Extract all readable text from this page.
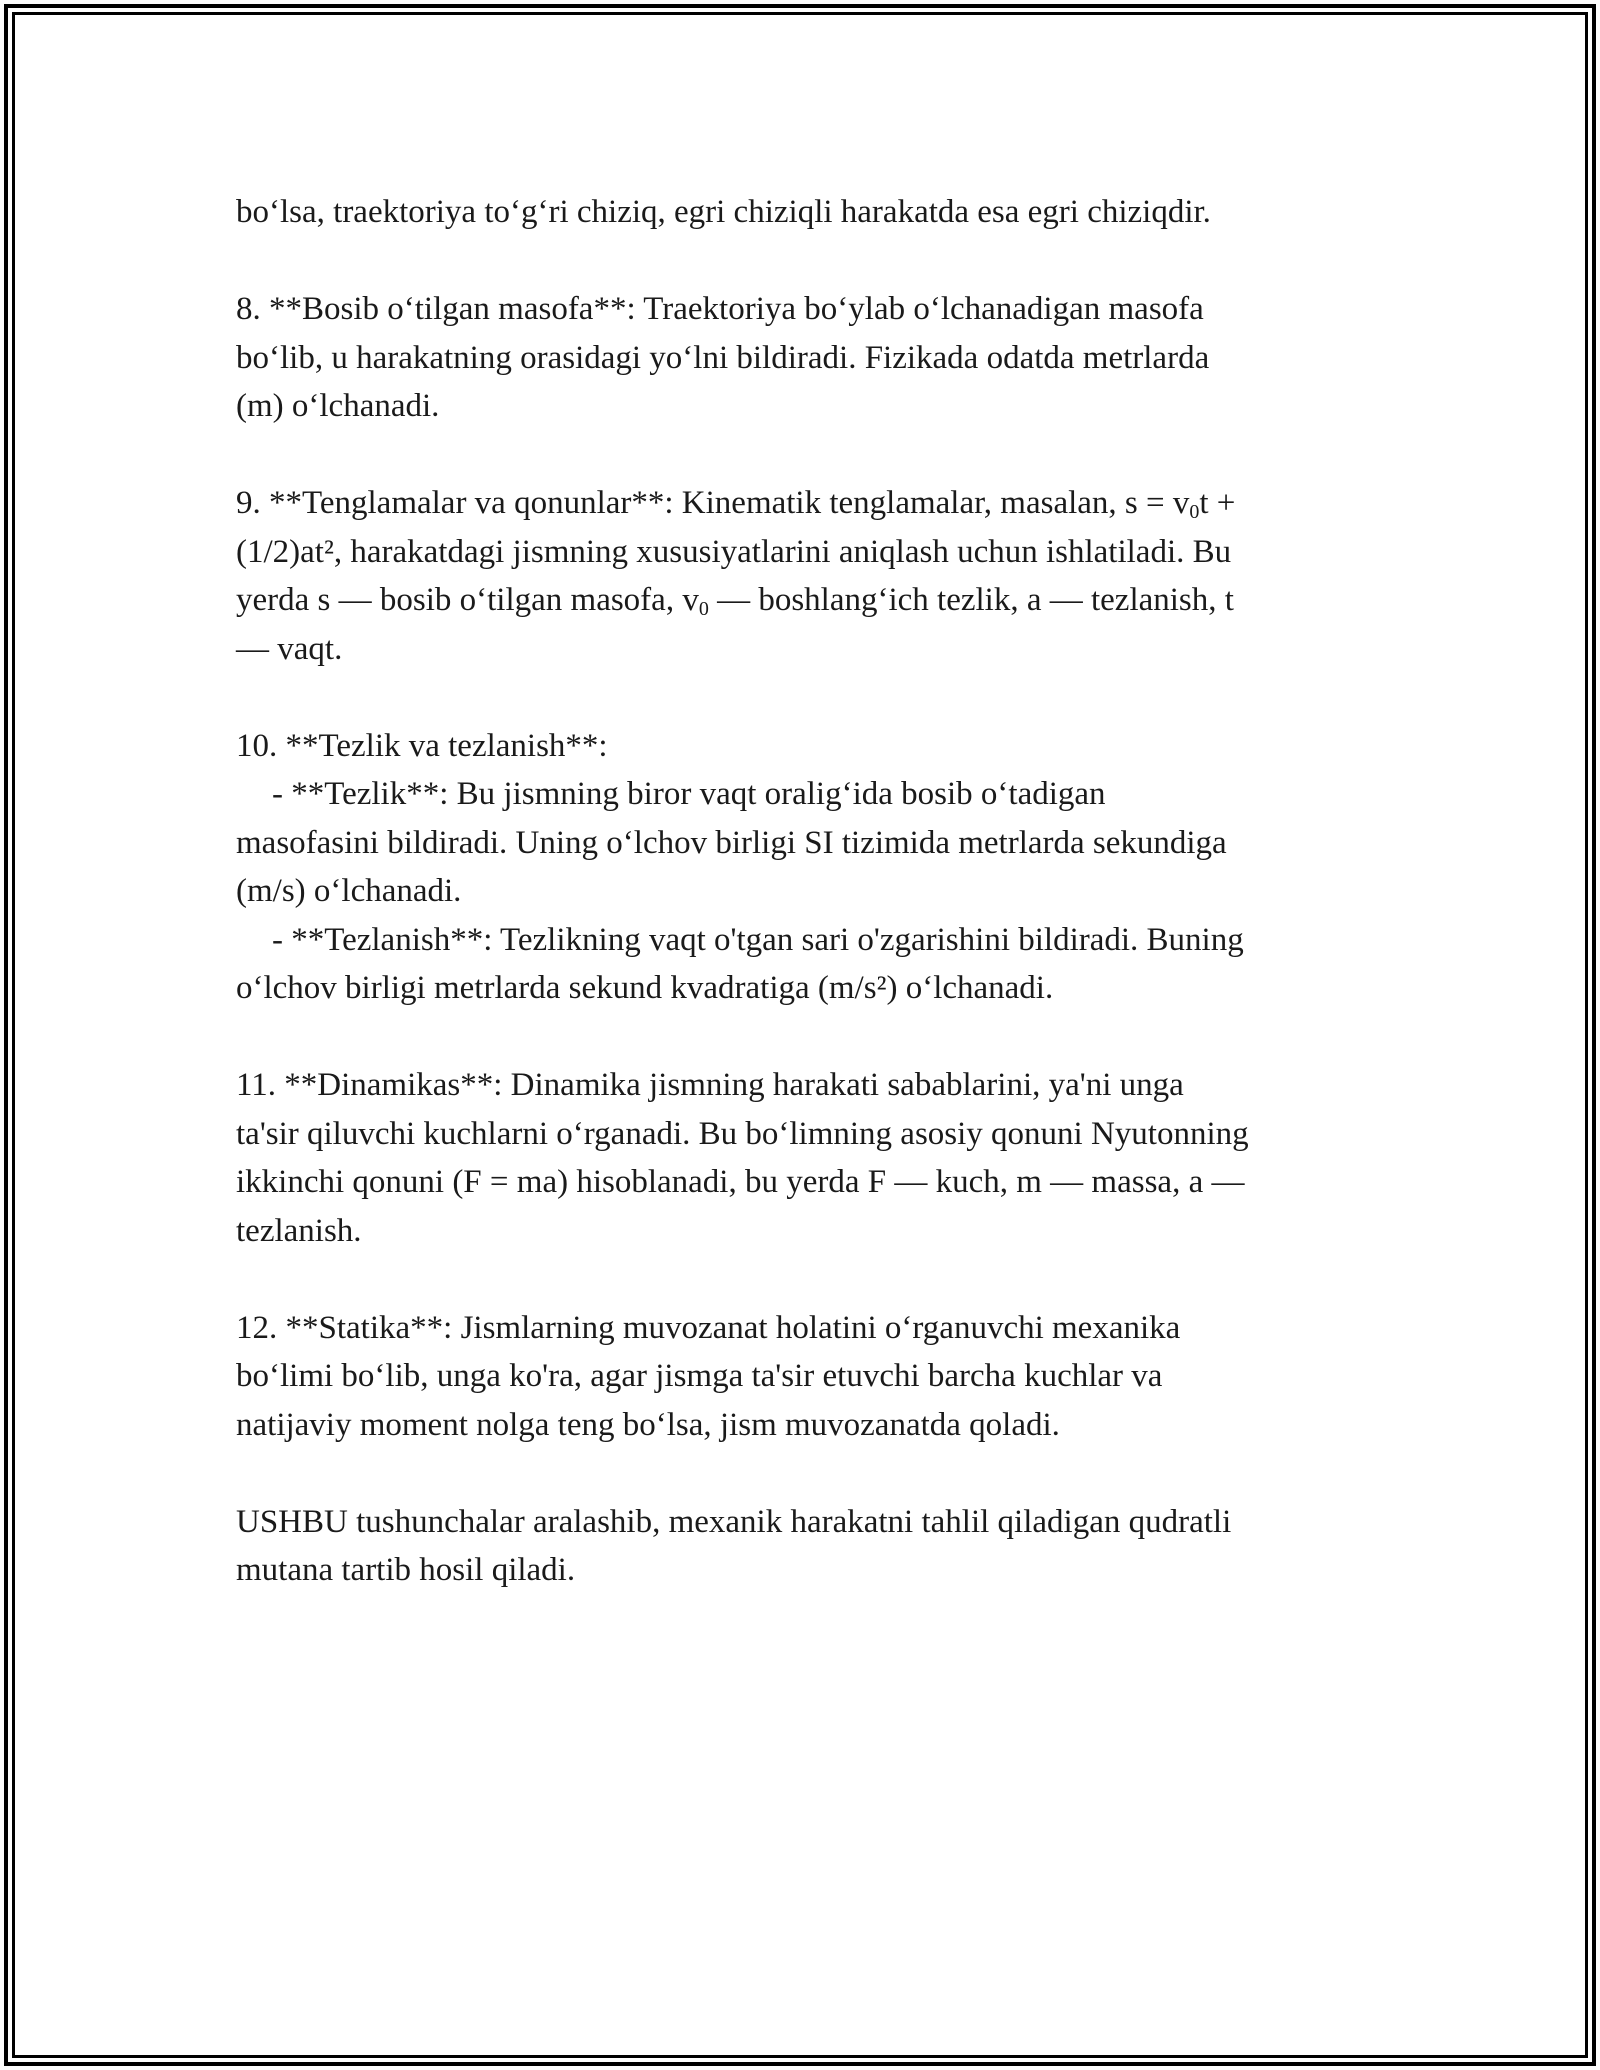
bo‘lsa, traektoriya to‘g‘ri chiziq, egri chiziqli harakatda esa egri chiziqdir.

8. **Bosib o‘tilgan masofa**: Traektoriya bo‘ylab o‘lchanadigan masofa
bo‘lib, u harakatning orasidagi yo‘lni bildiradi. Fizikada odatda metrlarda
(m) o‘lchanadi.

9. **Tenglamalar va qonunlar**: Kinematik tenglamalar, masalan, $s = v_0t$ +
(1/2)at², harakatdagi jismning xususiyatlarini aniqlash uchun ishlatiladi. Bu
yerda s — bosib o‘tilgan masofa, $v_0$ — boshlang‘ich tezlik, a — tezlanish, t
— vaqt.

10. **Tezlik va tezlanish**:
- **Tezlik**: Bu jismning biror vaqt oralig‘ida bosib o‘tadigan
masofasini bildiradi. Uning o‘lchov birligi SI tizimida metrlarda sekundiga
(m/s) o‘lchanadi.
- **Tezlanish**: Tezlikning vaqt o'tgan sari o'zgarishini bildiradi. Buning
o‘lchov birligi metrlarda sekund kvadratiga (m/s²) o‘lchanadi.

11. **Dinamikas**: Dinamika jismning harakati sabablarini, ya'ni unga
ta'sir qiluvchi kuchlarni o‘rganadi. Bu bo‘limning asosiy qonuni Nyutonning
ikkinchi qonuni (F = ma) hisoblanadi, bu yerda F — kuch, m — massa, a —
tezlanish.

12. **Statika**: Jismlarning muvozanat holatini o‘rganuvchi mexanika
bo‘limi bo‘lib, unga ko'ra, agar jismga ta'sir etuvchi barcha kuchlar va
natijaviy moment nolga teng bo‘lsa, jism muvozanatda qoladi.

USHBU tushunchalar aralashib, mexanik harakatni tahlil qiladigan qudratli
mutana tartib hosil qiladi.
